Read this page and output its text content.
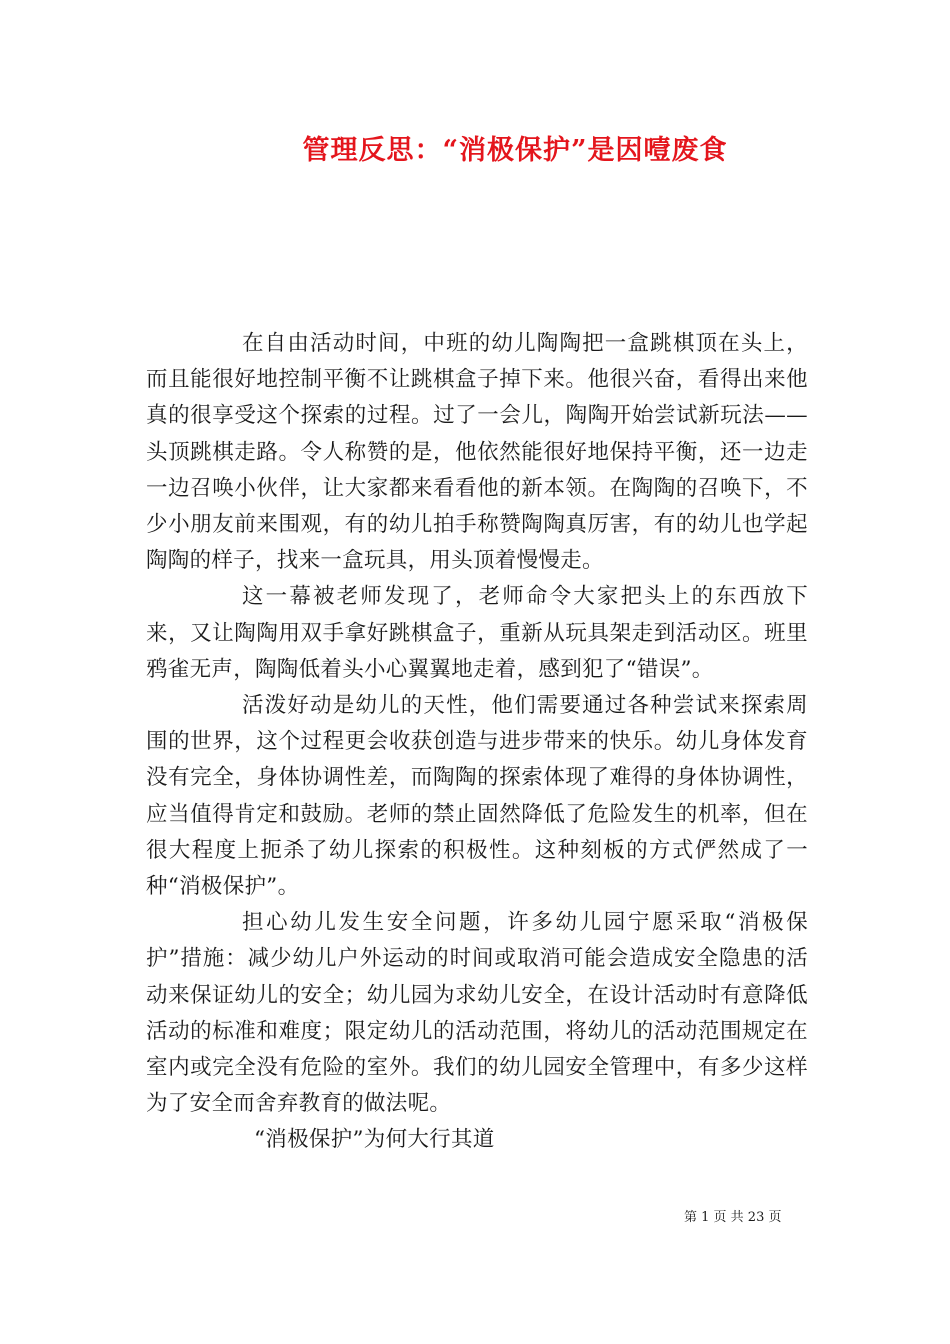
管理反思：“消极保护”是因噎废食

在自由活动时间，中班的幼儿陶陶把一盒跳棋顶在头上，而且能很好地控制平衡不让跳棋盒子掉下来。他很兴奋，看得出来他真的很享受这个探索的过程。过了一会儿，陶陶开始尝试新玩法——头顶跳棋走路。令人称赞的是，他依然能很好地保持平衡，还一边走一边召唤小伙伴，让大家都来看看他的新本领。在陶陶的召唤下，不少小朋友前来围观，有的幼儿拍手称赞陶陶真厉害，有的幼儿也学起陶陶的样子，找来一盒玩具，用头顶着慢慢走。

这一幕被老师发现了，老师命令大家把头上的东西放下来，又让陶陶用双手拿好跳棋盒子，重新从玩具架走到活动区。班里鸦雀无声，陶陶低着头小心翼翼地走着，感到犯了“错误”。

活泼好动是幼儿的天性，他们需要通过各种尝试来探索周围的世界，这个过程更会收获创造与进步带来的快乐。幼儿身体发育没有完全，身体协调性差，而陶陶的探索体现了难得的身体协调性，应当值得肯定和鼓励。老师的禁止固然降低了危险发生的机率，但在很大程度上扼杀了幼儿探索的积极性。这种刻板的方式俨然成了一种“消极保护”。

担心幼儿发生安全问题，许多幼儿园宁愿采取“消极保护”措施：减少幼儿户外运动的时间或取消可能会造成安全隐患的活动来保证幼儿的安全；幼儿园为求幼儿安全，在设计活动时有意降低活动的标准和难度；限定幼儿的活动范围，将幼儿的活动范围规定在室内或完全没有危险的室外。我们的幼儿园安全管理中，有多少这样为了安全而舍弃教育的做法呢。

“消极保护”为何大行其道

第 1 页 共 23 页
